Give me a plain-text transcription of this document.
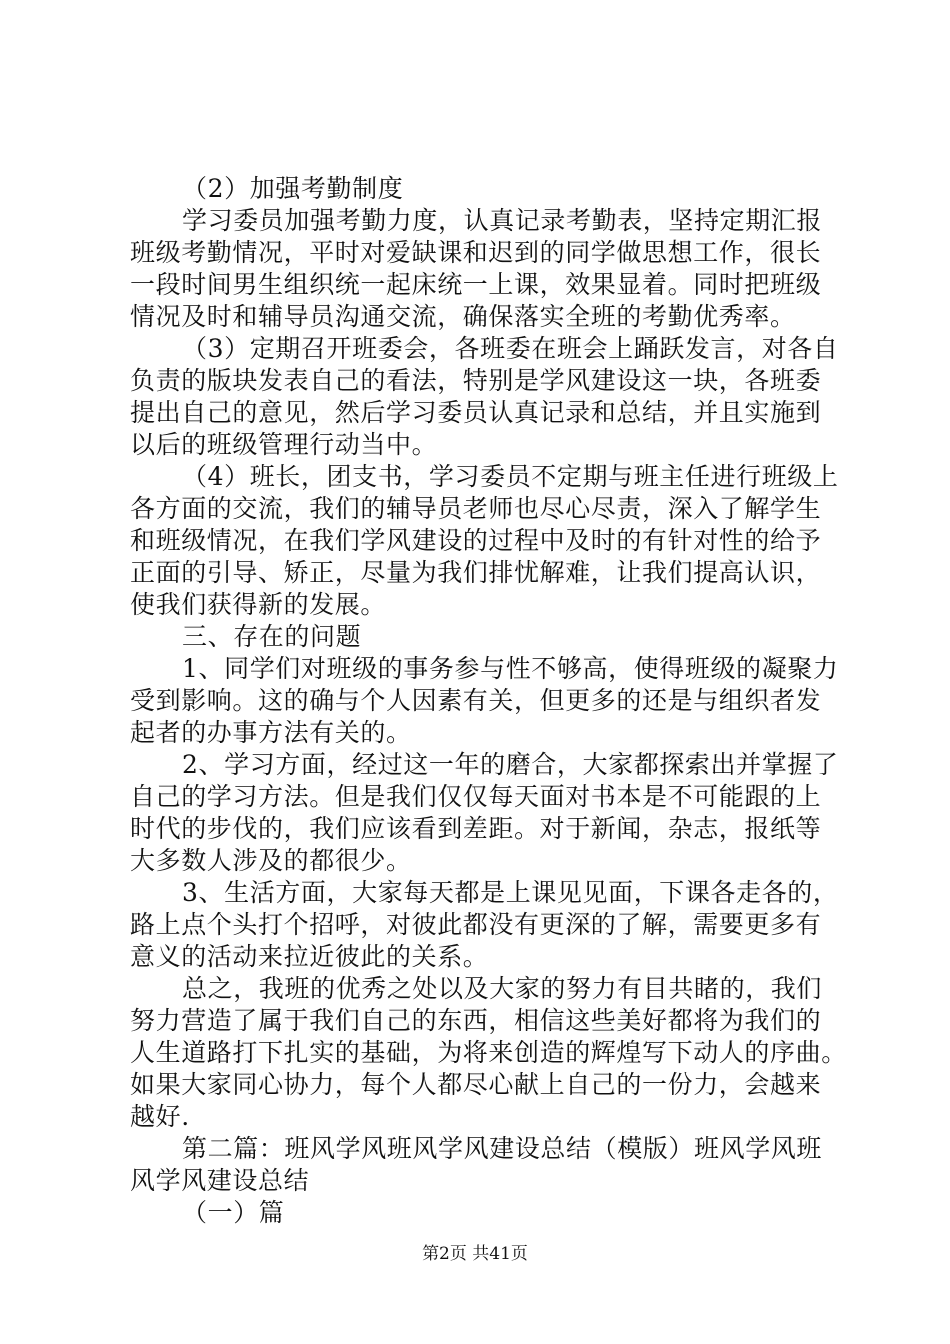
（2）加强考勤制度
学习委员加强考勤力度，认真记录考勤表，坚持定期汇报
班级考勤情况，平时对爱缺课和迟到的同学做思想工作，很长
一段时间男生组织统一起床统一上课，效果显着。同时把班级
情况及时和辅导员沟通交流，确保落实全班的考勤优秀率。
（3）定期召开班委会，各班委在班会上踊跃发言，对各自
负责的版块发表自己的看法，特别是学风建设这一块，各班委
提出自己的意见，然后学习委员认真记录和总结，并且实施到
以后的班级管理行动当中。
（4）班长，团支书，学习委员不定期与班主任进行班级上
各方面的交流，我们的辅导员老师也尽心尽责，深入了解学生
和班级情况，在我们学风建设的过程中及时的有针对性的给予
正面的引导、矫正，尽量为我们排忧解难，让我们提高认识，
使我们获得新的发展。
三、存在的问题
1、同学们对班级的事务参与性不够高，使得班级的凝聚力
受到影响。这的确与个人因素有关，但更多的还是与组织者发
起者的办事方法有关的。
2、学习方面，经过这一年的磨合，大家都探索出并掌握了
自己的学习方法。但是我们仅仅每天面对书本是不可能跟的上
时代的步伐的，我们应该看到差距。对于新闻，杂志，报纸等
大多数人涉及的都很少。
3、生活方面，大家每天都是上课见见面，下课各走各的，
路上点个头打个招呼，对彼此都没有更深的了解，需要更多有
意义的活动来拉近彼此的关系。
总之，我班的优秀之处以及大家的努力有目共睹的，我们
努力营造了属于我们自己的东西，相信这些美好都将为我们的
人生道路打下扎实的基础，为将来创造的辉煌写下动人的序曲。
如果大家同心协力，每个人都尽心献上自己的一份力，会越来
越好.
第二篇：班风学风班风学风建设总结（模版）班风学风班
风学风建设总结
（一）篇
第2页 共41页
